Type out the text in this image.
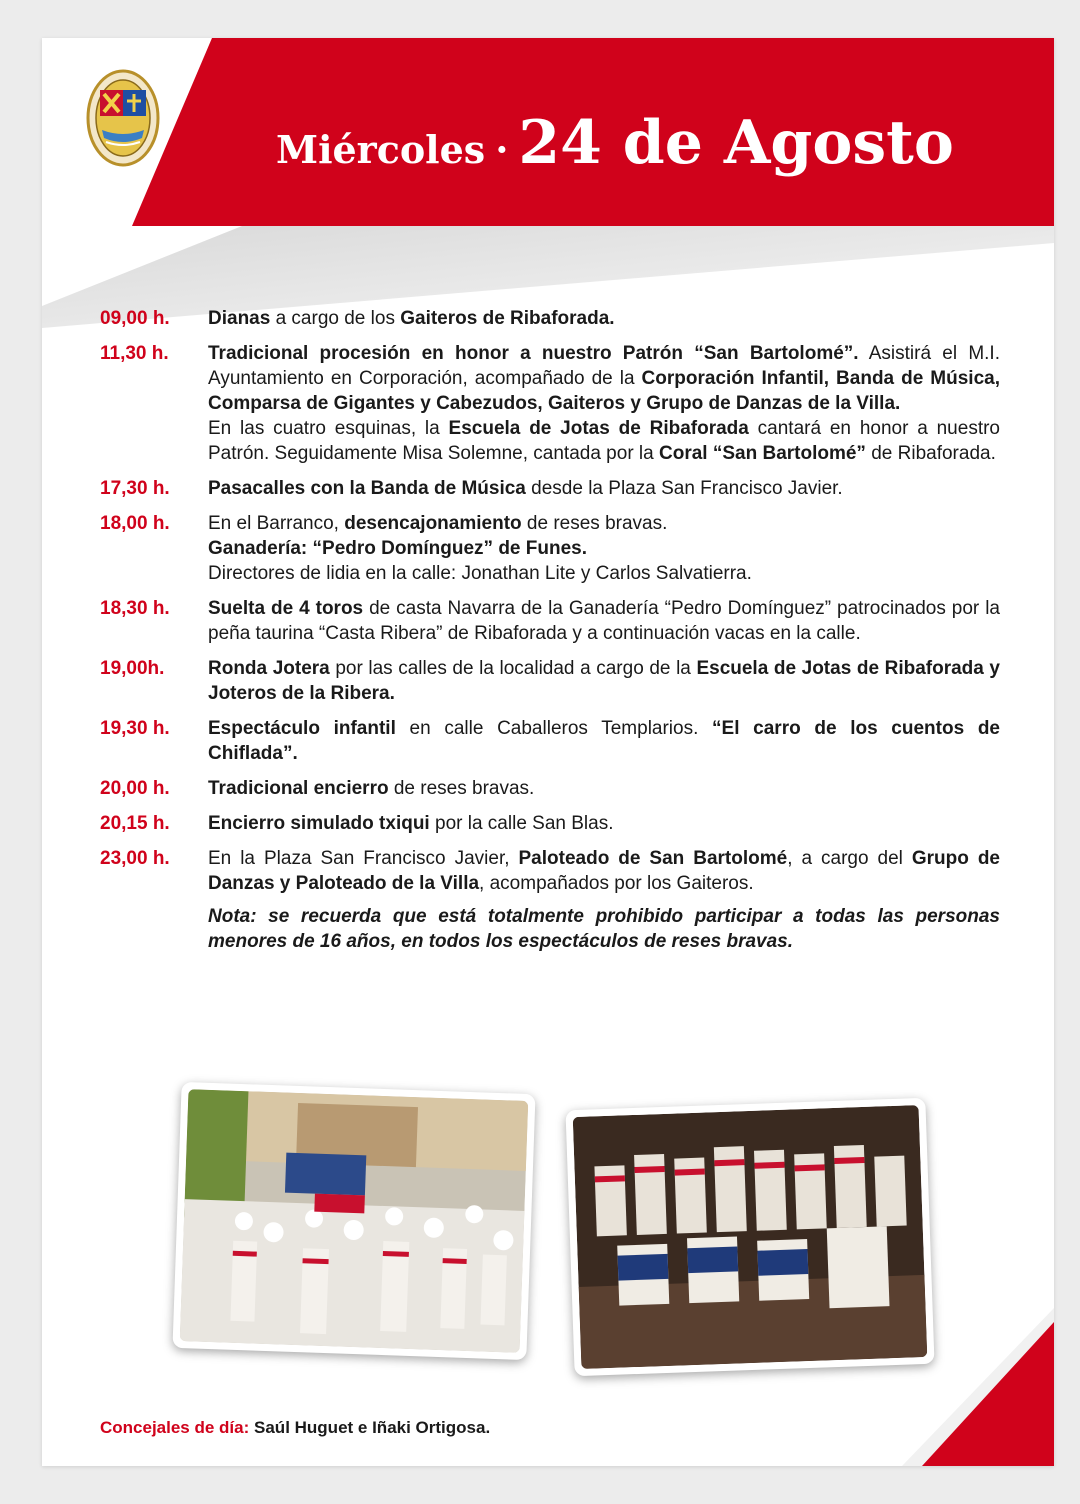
Miércoles · 24 de Agosto
09,00 h.	Dianas a cargo de los Gaiteros de Ribaforada.
11,30 h.	Tradicional procesión en honor a nuestro Patrón “San Bartolomé”. Asistirá el M.I. Ayuntamiento en Corporación, acompañado de la Corporación Infantil, Banda de Música, Comparsa de Gigantes y Cabezudos, Gaiteros y Grupo de Danzas de la Villa.
En las cuatro esquinas, la Escuela de Jotas de Ribaforada cantará en honor a nuestro Patrón. Seguidamente Misa Solemne, cantada por la Coral “San Bartolomé” de Ribaforada.
17,30 h.	Pasacalles con la Banda de Música desde la Plaza San Francisco Javier.
18,00 h.	En el Barranco, desencajonamiento de reses bravas.
Ganadería: “Pedro Domínguez” de Funes.
Directores de lidia en la calle: Jonathan Lite y Carlos Salvatierra.
18,30 h.	Suelta de 4 toros de casta Navarra de la Ganadería “Pedro Domínguez” patrocinados por la peña taurina “Casta Ribera” de Ribaforada y a continuación vacas en la calle.
19,00h.	Ronda Jotera por las calles de la localidad a cargo de la Escuela de Jotas de Ribaforada y Joteros de la Ribera.
19,30 h.	Espectáculo infantil en calle Caballeros Templarios. “El carro de los cuentos de Chiflada”.
20,00 h.	Tradicional encierro de reses bravas.
20,15 h.	Encierro simulado txiqui por la calle San Blas.
23,00 h.	En la Plaza San Francisco Javier, Paloteado de San Bartolomé, a cargo del Grupo de Danzas y Paloteado de la Villa, acompañados por los Gaiteros.
Nota: se recuerda que está totalmente prohibido participar a todas las personas menores de 16 años, en todos los espectáculos de reses bravas.
Concejales de día: Saúl Huguet e Iñaki Ortigosa.
